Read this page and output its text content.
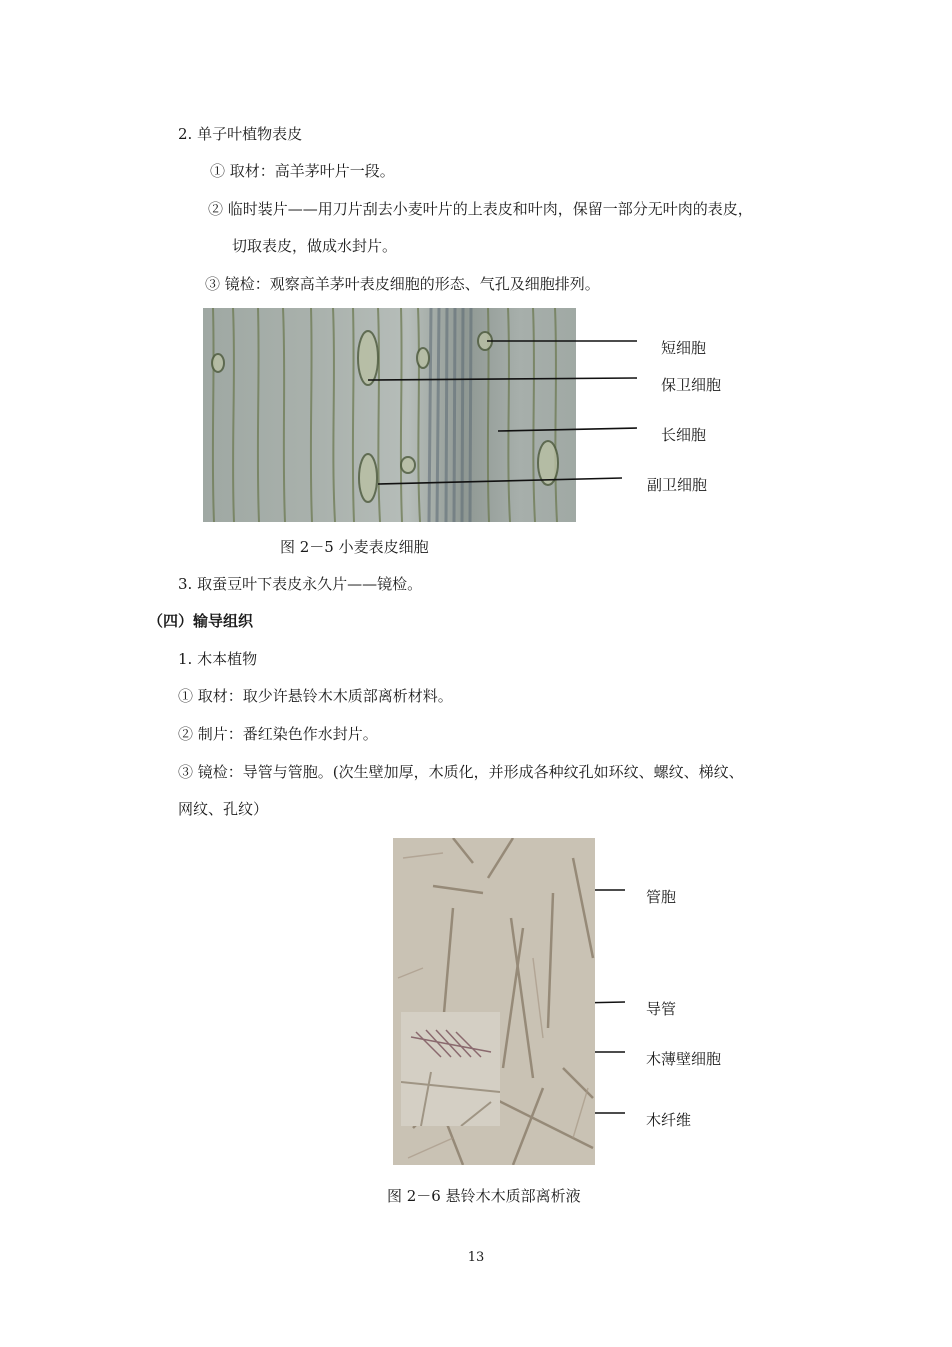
2. 单子叶植物表皮
① 取材：高羊茅叶片一段。
② 临时装片——用刀片刮去小麦叶片的上表皮和叶肉，保留一部分无叶肉的表皮，
切取表皮，做成水封片。
③ 镜检：观察高羊茅叶表皮细胞的形态、气孔及细胞排列。
短细胞
保卫细胞
长细胞
副卫细胞
图 2－5 小麦表皮细胞
3. 取蚕豆叶下表皮永久片——镜检。
（四）输导组织
1. 木本植物
① 取材：取少许悬铃木木质部离析材料。
② 制片：番红染色作水封片。
③ 镜检：导管与管胞。(次生壁加厚，木质化，并形成各种纹孔如环纹、螺纹、梯纹、
网纹、孔纹）
管胞
导管
木薄壁细胞
木纤维
图 2－6 悬铃木木质部离析液
13
